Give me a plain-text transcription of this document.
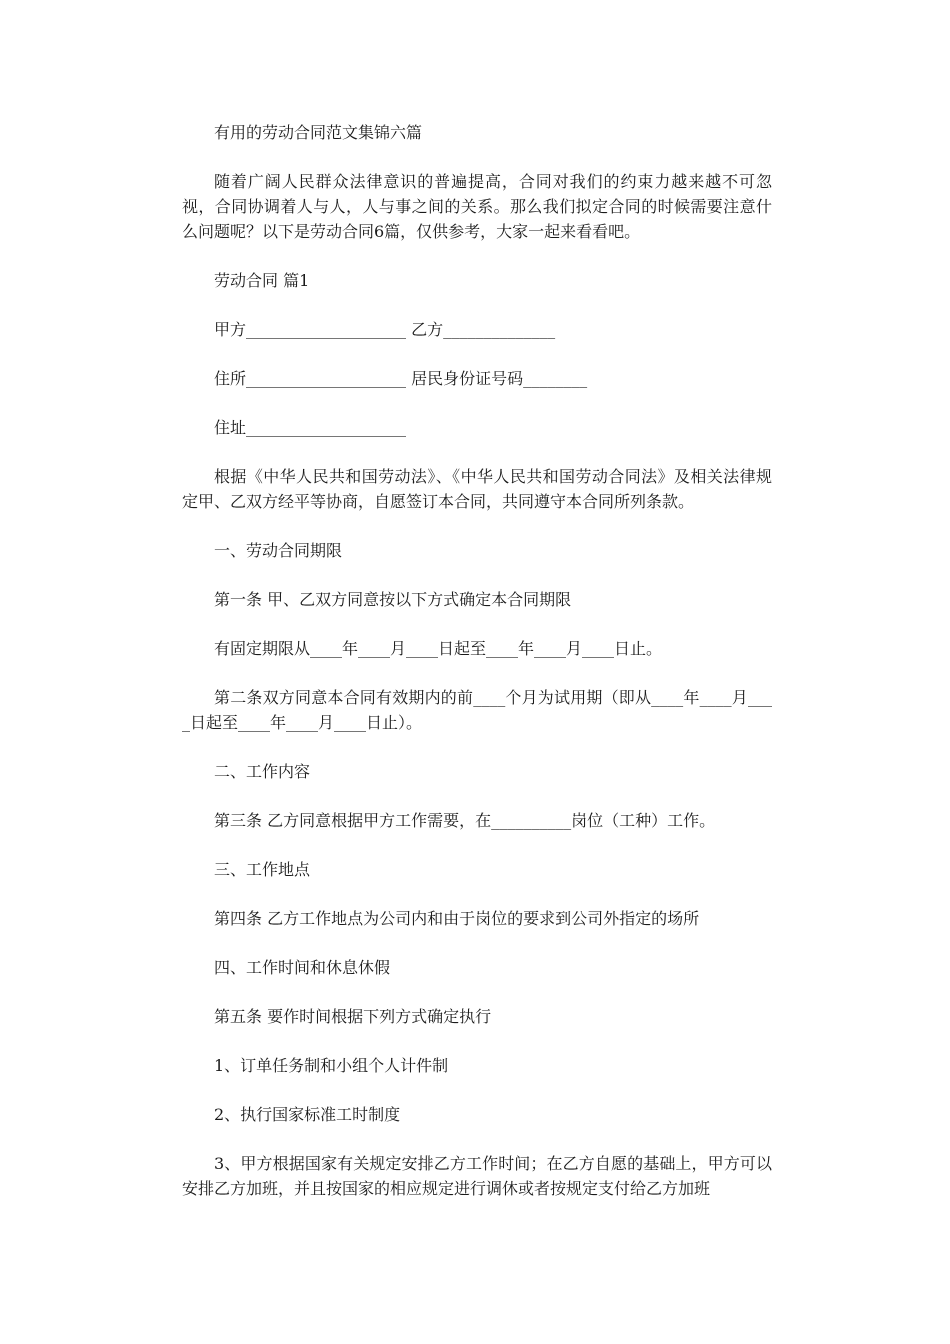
有用的劳动合同范文集锦六篇

随着广阔人民群众法律意识的普遍提高，合同对我们的约束力越来越不可忽视，合同协调着人与人，人与事之间的关系。那么我们拟定合同的时候需要注意什么问题呢？以下是劳动合同6篇，仅供参考，大家一起来看看吧。

劳动合同 篇1

甲方____________________ 乙方______________

住所____________________ 居民身份证号码________

住址____________________

根据《中华人民共和国劳动法》、《中华人民共和国劳动合同法》及相关法律规定甲、乙双方经平等协商，自愿签订本合同，共同遵守本合同所列条款。

一、劳动合同期限

第一条 甲、乙双方同意按以下方式确定本合同期限

有固定期限从____年____月____日起至____年____月____日止。

第二条双方同意本合同有效期内的前____个月为试用期（即从____年____月____日起至____年____月____日止）。

二、工作内容

第三条 乙方同意根据甲方工作需要，在__________岗位（工种）工作。

三、工作地点

第四条 乙方工作地点为公司内和由于岗位的要求到公司外指定的场所

四、工作时间和休息休假

第五条 要作时间根据下列方式确定执行

1、订单任务制和小组个人计件制

2、执行国家标准工时制度

3、甲方根据国家有关规定安排乙方工作时间；在乙方自愿的基础上，甲方可以安排乙方加班，并且按国家的相应规定进行调休或者按规定支付给乙方加班
